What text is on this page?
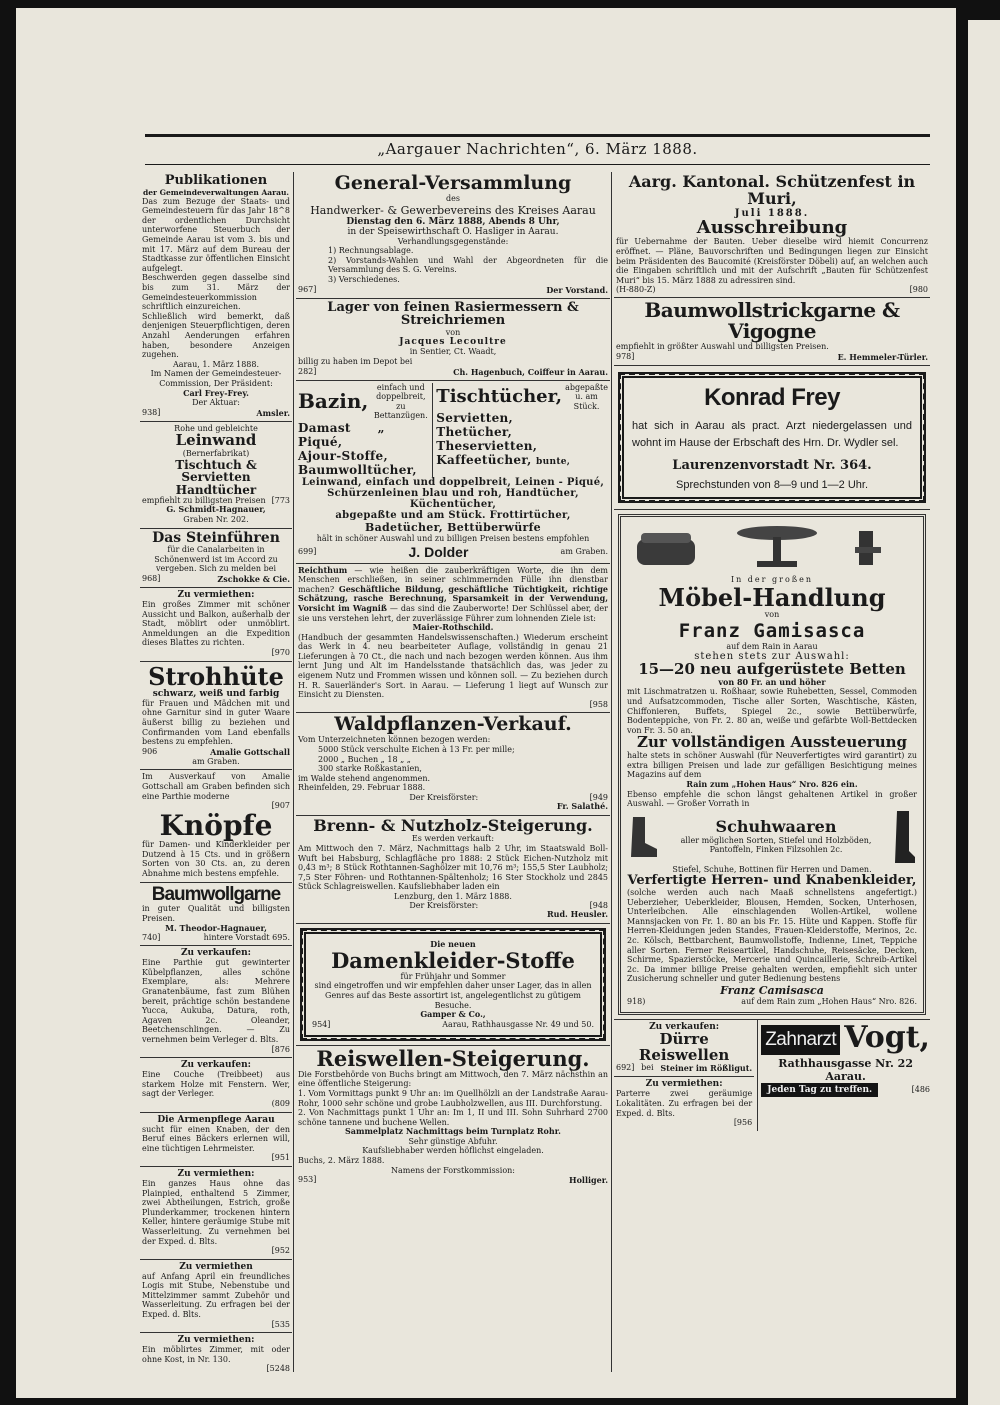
„Aargauer Nachrichten“, 6. März 1888.
Publikationen
der Gemeindeverwaltungen Aarau.
Das zum Bezuge der Staats- und Gemeindesteuern für das Jahr 18^8 der ordentlichen Durchsicht unterworfene Steuerbuch der Gemeinde Aarau ist vom 3. bis und mit 17. März auf dem Bureau der Stadtkasse zur öffentlichen Einsicht aufgelegt.
Beschwerden gegen dasselbe sind bis zum 31. März der Gemeindesteuerkommission schriftlich einzureichen.
Schließlich wird bemerkt, daß denjenigen Steuerpflichtigen, deren Anzahl Aenderungen erfahren haben, besondere Anzeigen zugehen.
Aarau, 1. März 1888.
Im Namen der Gemeindesteuer-Commission, Der Präsident:
Carl Frey-Frey.
Der Aktuar:
938]	Amsler.
Rohe und gebleichte
Leinwand
(Bernerfabrikat)
Tischtuch & Servietten
Handtücher
empfiehlt zu billigsten Preisen [773
G. Schmidt-Hagnauer,
Graben Nr. 202.
Das Steinführen
für die Canalarbeiten in Schönenwerd ist im Accord zu vergeben. Sich zu melden bei
968]	Zschokke & Cie.
Zu vermiethen:
Ein großes Zimmer mit schöner Aussicht und Balkon, außerhalb der Stadt, möblirt oder unmöblirt. Anmeldungen an die Expedition dieses Blattes zu richten.
[970
Strohhüte
schwarz, weiß und farbig
für Frauen und Mädchen mit und ohne Garnitur sind in guter Waare äußerst billig zu beziehen und Confirmanden vom Land ebenfalls bestens zu empfehlen.
906	Amalie Gottschall
am Graben.
Im Ausverkauf von Amalie Gottschall am Graben befinden sich eine Parthie moderne
[907
Knöpfe
für Damen- und Kinderkleider per Dutzend à 15 Cts. und in größern Sorten von 30 Cts. an, zu deren Abnahme mich bestens empfehle.
Baumwollgarne
in guter Qualität und billigsten Preisen.
M. Theodor-Hagnauer,
740]	hintere Vorstadt 695.
Zu verkaufen:
Eine Parthie gut gewinterter Kübelpflanzen, alles schöne Exemplare, als: Mehrere Granatenbäume, fast zum Blühen bereit, prächtige schön bestandene Yucca, Aukuba, Datura, roth, Agaven 2c. Oleander, Beetchenschlingen. — Zu vernehmen beim Verleger d. Blts.
[876
Zu verkaufen:
Eine Couche (Treibbeet) aus starkem Holze mit Fenstern. Wer, sagt der Verleger.
(809
Die Armenpflege Aarau
sucht für einen Knaben, der den Beruf eines Bäckers erlernen will, eine tüchtigen Lehrmeister.
[951
Zu vermiethen:
Ein ganzes Haus ohne das Plainpied, enthaltend 5 Zimmer, zwei Abtheilungen, Estrich, große Plunderkammer, trockenen hintern Keller, hintere geräumige Stube mit Wasserleitung. Zu vernehmen bei der Exped. d. Blts.
[952
Zu vermiethen
auf Anfang April ein freundliches Logis mit Stube, Nebenstube und Mittelzimmer sammt Zubehör und Wasserleitung. Zu erfragen bei der Exped. d. Blts.
[535
Zu vermiethen:
Ein möblirtes Zimmer, mit oder ohne Kost, in Nr. 130.
[5248
General-Versammlung
des
Handwerker- & Gewerbevereins des Kreises Aarau
Dienstag den 6. März 1888, Abends 8 Uhr,
in der Speisewirthschaft O. Hasliger in Aarau.
Verhandlungsgegenstände:
1) Rechnungsablage.
2) Vorstands-Wahlen und Wahl der Abgeordneten für die Versammlung des S. G. Vereins.
3) Verschiedenes.
967]	Der Vorstand.
Lager von feinen Rasiermessern & Streichriemen
von
Jacques Lecoultre
in Sentier, Ct. Waadt,
billig zu haben im Depot bei
282]	Ch. Hagenbuch, Coiffeur in Aarau.
Bazin,
einfach und doppelbreit, zu Bettanzügen.
Damast „
Piqué,
Ajour-Stoffe,
Baumwolltücher,
Tischtücher, abgepaßte u. am Stück.
Servietten,
Thetücher,
Theservietten,
Kaffeetücher, bunte,
Leinwand, einfach und doppelbreit, Leinen - Piqué,
Schürzenleinen blau und roh, Handtücher, Küchentücher,
abgepaßte und am Stück. Frottirtücher,
Badetücher, Bettüberwürfe
hält in schöner Auswahl und zu billigen Preisen bestens empfohlen
699]	J. Dolder	am Graben.
Reichthum — wie heißen die zauberkräftigen Worte, die ihn dem Menschen erschließen, in seiner schimmernden Fülle ihn dienstbar machen? Geschäftliche Bildung, geschäftliche Tüchtigkeit, richtige Schätzung, rasche Berechnung, Sparsamkeit in der Verwendung, Vorsicht im Wagniß — das sind die Zauberworte! Der Schlüssel aber, der sie uns verstehen lehrt, der zuverlässige Führer zum lohnenden Ziele ist:
Maier-Rothschild.
(Handbuch der gesammten Handelswissenschaften.) Wiederum erscheint das Werk in 4. neu bearbeiteter Auflage, vollständig in genau 21 Lieferungen à 70 Ct., die nach und nach bezogen werden können. Aus ihm lernt Jung und Alt im Handelsstande thatsächlich das, was jeder zu eigenem Nutz und Frommen wissen und können soll. — Zu beziehen durch H. R. Sauerländer's Sort. in Aarau. — Lieferung 1 liegt auf Wunsch zur Einsicht zu Diensten.
[958
Waldpflanzen-Verkauf.
Vom Unterzeichneten können bezogen werden:
5000 Stück verschulte Eichen à 13 Fr. per mille;
2000 „ Buchen „ 18 „ „
300 starke Roßkastanien,
im Walde stehend angenommen.
Rheinfelden, 29. Februar 1888.
Der Kreisförster:	[949
Fr. Salathé.
Brenn- & Nutzholz-Steigerung.
Es werden verkauft:
Am Mittwoch den 7. März, Nachmittags halb 2 Uhr, im Staatswald Boll-Wuft bei Habsburg, Schlagfläche pro 1888: 2 Stück Eichen-Nutzholz mit 0,43 m³; 8 Stück Rothtannen-Saghölzer mit 10,76 m³; 155,5 Ster Laubholz; 7,5 Ster Föhren- und Rothtannen-Spältenholz; 16 Ster Stockholz und 2845 Stück Schlagreiswellen. Kaufsliebhaber laden ein
Lenzburg, den 1. März 1888.
Der Kreisförster:	[948
Rud. Heusler.
Die neuen
Damenkleider-Stoffe
für Frühjahr und Sommer
sind eingetroffen und wir empfehlen daher unser Lager, das in allen Genres auf das Beste assortirt ist, angelegentlichst zu gütigem Besuche.
Gamper & Co.,
954]	Aarau, Rathhausgasse Nr. 49 und 50.
Reiswellen-Steigerung.
Die Forstbehörde von Buchs bringt am Mittwoch, den 7. März nächsthin an eine öffentliche Steigerung:
1. Vom Vormittags punkt 9 Uhr an: im Quellhölzli an der Landstraße Aarau-Rohr, 1000 sehr schöne und grobe Laubholzwellen, aus III. Durchforstung.
2. Von Nachmittags punkt 1 Uhr an: Im 1, II und III. Sohn Suhrhard 2700 schöne tannene und buchene Wellen.
Sammelplatz Nachmittags beim Turnplatz Rohr.
Sehr günstige Abfuhr.
Kaufsliebhaber werden höflichst eingeladen.
Buchs, 2. März 1888.
Namens der Forstkommission:
953]	Holliger.
Aarg. Kantonal. Schützenfest in Muri,
Juli 1888.
Ausschreibung
für Uebernahme der Bauten. Ueber dieselbe wird hiemit Concurrenz eröffnet. — Pläne, Bauvorschriften und Bedingungen liegen zur Einsicht beim Präsidenten des Baucomité (Kreisförster Döbeli) auf, an welchen auch die Eingaben schriftlich und mit der Aufschrift „Bauten für Schützenfest Muri“ bis 15. März 1888 zu adressiren sind.
(H-880-Z)	[980
Baumwollstrickgarne & Vigogne
empfiehlt in größter Auswahl und billigsten Preisen.
978]	E. Hemmeler-Türler.
Konrad Frey
hat sich in Aarau als pract. Arzt niedergelassen und wohnt im Hause der Erbschaft des Hrn. Dr. Wydler sel.
Laurenzenvorstadt Nr. 364.
Sprechstunden von 8—9 und 1—2 Uhr.
In der großen
Möbel-Handlung
von
Franz Gamisasca
auf dem Rain in Aarau
stehen stets zur Auswahl:
15—20 neu aufgerüstete Betten
von 80 Fr. an und höher
mit Lischmatratzen u. Roßhaar, sowie Ruhebetten, Sessel, Commoden und Aufsatzcommoden, Tische aller Sorten, Waschtische, Kästen, Chiffonieren, Buffets, Spiegel 2c., sowie Bettüberwürfe, Bodenteppiche, von Fr. 2. 80 an, weiße und gefärbte Woll-Bettdecken von Fr. 3. 50 an.
Zur vollständigen Aussteuerung
halte stets in schöner Auswahl (für Neuverfertigtes wird garantirt) zu extra billigen Preisen und lade zur gefälligen Besichtigung meines Magazins auf dem
Rain zum „Hohen Haus“ Nro. 826 ein.
Ebenso empfehle die schon längst gehaltenen Artikel in großer Auswahl. — Großer Vorrath in
Schuhwaaren
aller möglichen Sorten, Stiefel und Holzböden, Pantoffeln, Finken Filzsohlen 2c.
Stiefel, Schuhe, Bottinen für Herren und Damen.
Verfertigte Herren- und Knabenkleider,
(solche werden auch nach Maaß schnellstens angefertigt.) Ueberzieher, Ueberkleider, Blousen, Hemden, Socken, Unterhosen, Unterleibchen. Alle einschlagenden Wollen-Artikel, wollene Mannsjacken von Fr. 1. 80 an bis Fr. 15. Hüte und Kappen. Stoffe für Herren-Kleidungen jeden Standes, Frauen-Kleiderstoffe, Merinos, 2c. 2c. Kölsch, Bettbarchent, Baumwollstoffe, Indienne, Linet, Teppiche aller Sorten. Ferner Reiseartikel, Handschuhe, Reisesäcke, Decken, Schirme, Spazierstöcke, Mercerie und Quincaillerie, Schreib-Artikel 2c. Da immer billige Preise gehalten werden, empfiehlt sich unter Zusicherung schneller und guter Bedienung bestens
Franz Camisasca
918)	auf dem Rain zum „Hohen Haus“ Nro. 826.
Zu verkaufen:
Dürre Reiswellen
692] bei Steiner im Rößligut.
Zu vermiethen:
Parterre zwei geräumige Lokalitäten. Zu erfragen bei der Exped. d. Blts.
[956
Zahnarzt Vogt,
Rathhausgasse Nr. 22 Aarau.
Jeden Tag zu treffen.	[486
